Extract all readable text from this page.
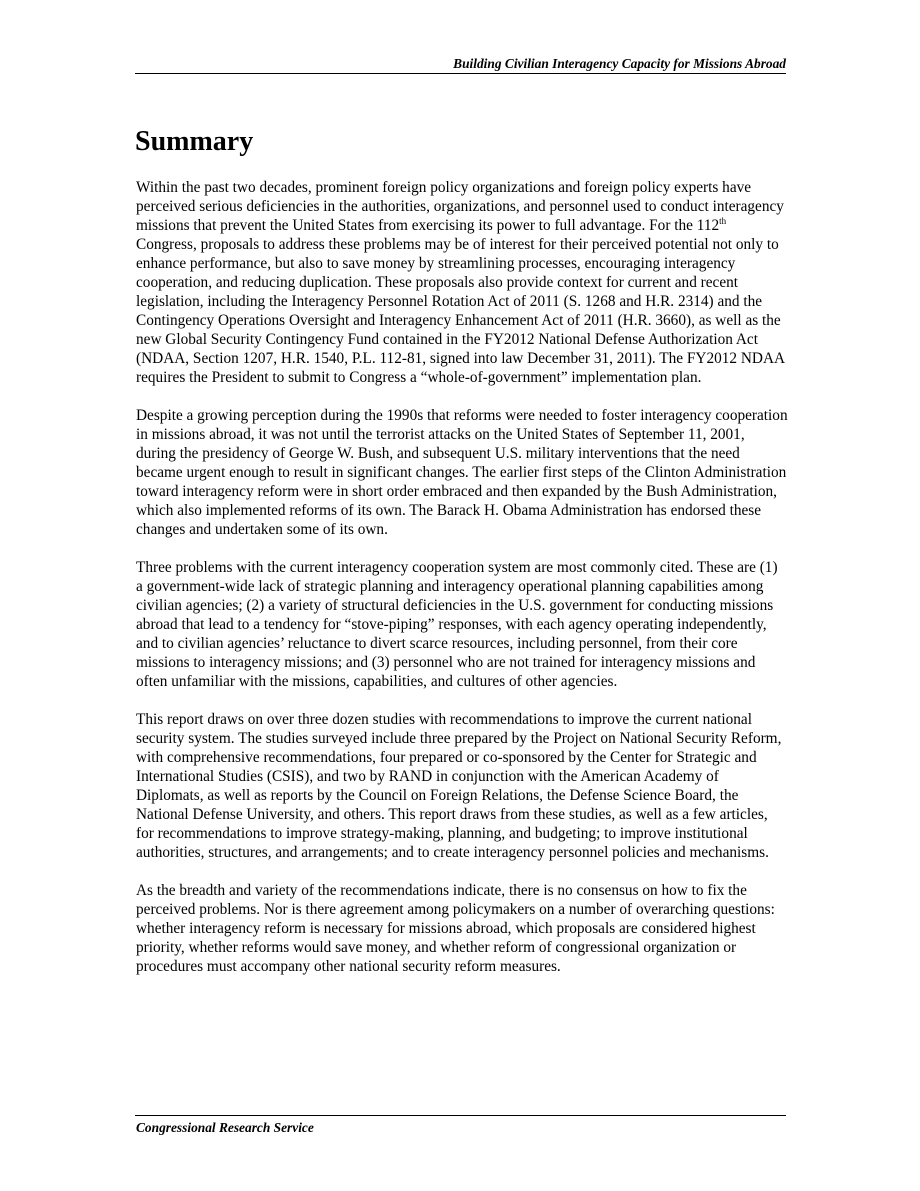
Building Civilian Interagency Capacity for Missions Abroad
Summary

Within the past two decades, prominent foreign policy organizations and foreign policy experts have perceived serious deficiencies in the authorities, organizations, and personnel used to conduct interagency missions that prevent the United States from exercising its power to full advantage. For the 112th Congress, proposals to address these problems may be of interest for their perceived potential not only to enhance performance, but also to save money by streamlining processes, encouraging interagency cooperation, and reducing duplication. These proposals also provide context for current and recent legislation, including the Interagency Personnel Rotation Act of 2011 (S. 1268 and H.R. 2314) and the Contingency Operations Oversight and Interagency Enhancement Act of 2011 (H.R. 3660), as well as the new Global Security Contingency Fund contained in the FY2012 National Defense Authorization Act (NDAA, Section 1207, H.R. 1540, P.L. 112-81, signed into law December 31, 2011). The FY2012 NDAA requires the President to submit to Congress a “whole-of-government” implementation plan.

Despite a growing perception during the 1990s that reforms were needed to foster interagency cooperation in missions abroad, it was not until the terrorist attacks on the United States of September 11, 2001, during the presidency of George W. Bush, and subsequent U.S. military interventions that the need became urgent enough to result in significant changes. The earlier first steps of the Clinton Administration toward interagency reform were in short order embraced and then expanded by the Bush Administration, which also implemented reforms of its own. The Barack H. Obama Administration has endorsed these changes and undertaken some of its own.

Three problems with the current interagency cooperation system are most commonly cited. These are (1) a government-wide lack of strategic planning and interagency operational planning capabilities among civilian agencies; (2) a variety of structural deficiencies in the U.S. government for conducting missions abroad that lead to a tendency for “stove-piping” responses, with each agency operating independently, and to civilian agencies’ reluctance to divert scarce resources, including personnel, from their core missions to interagency missions; and (3) personnel who are not trained for interagency missions and often unfamiliar with the missions, capabilities, and cultures of other agencies.

This report draws on over three dozen studies with recommendations to improve the current national security system. The studies surveyed include three prepared by the Project on National Security Reform, with comprehensive recommendations, four prepared or co-sponsored by the Center for Strategic and International Studies (CSIS), and two by RAND in conjunction with the American Academy of Diplomats, as well as reports by the Council on Foreign Relations, the Defense Science Board, the National Defense University, and others. This report draws from these studies, as well as a few articles, for recommendations to improve strategy-making, planning, and budgeting; to improve institutional authorities, structures, and arrangements; and to create interagency personnel policies and mechanisms.

As the breadth and variety of the recommendations indicate, there is no consensus on how to fix the perceived problems. Nor is there agreement among policymakers on a number of overarching questions: whether interagency reform is necessary for missions abroad, which proposals are considered highest priority, whether reforms would save money, and whether reform of congressional organization or procedures must accompany other national security reform measures.

Congressional Research Service
